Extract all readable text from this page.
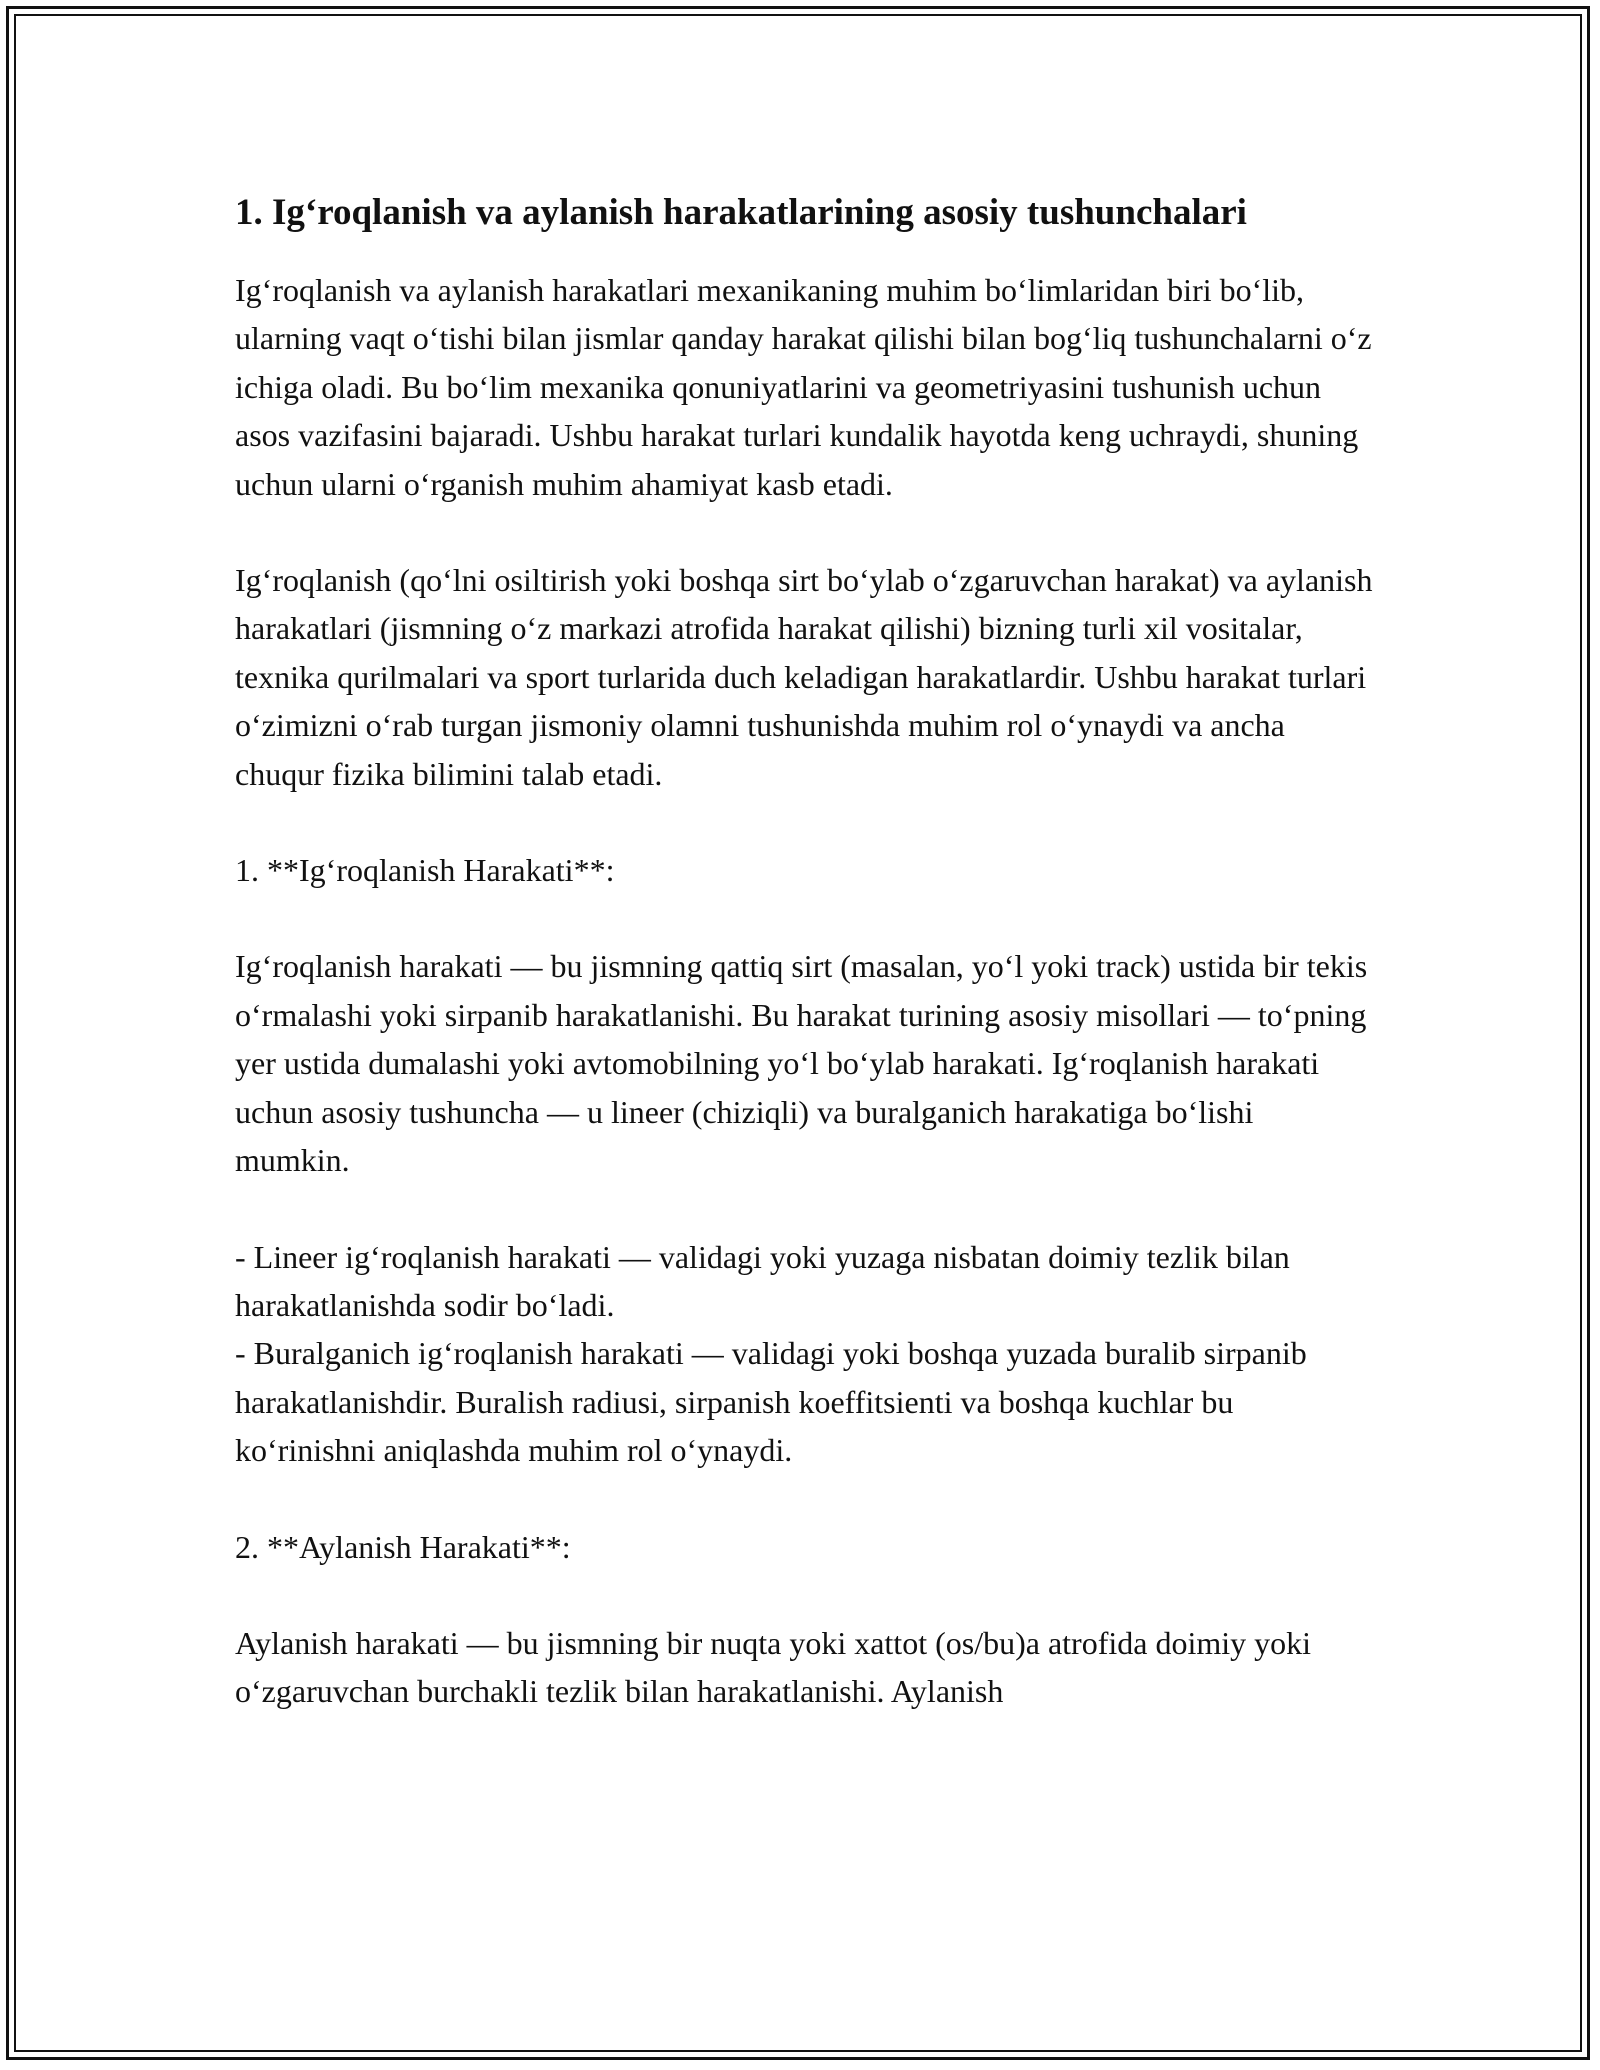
1. Ig‘roqlanish va aylanish harakatlarining asosiy tushunchalari

Ig‘roqlanish va aylanish harakatlari mexanikaning muhim bo‘limlaridan biri bo‘lib, ularning vaqt o‘tishi bilan jismlar qanday harakat qilishi bilan bog‘liq tushunchalarni o‘z ichiga oladi. Bu bo‘lim mexanika qonuniyatlarini va geometriyasini tushunish uchun asos vazifasini bajaradi. Ushbu harakat turlari kundalik hayotda keng uchraydi, shuning uchun ularni o‘rganish muhim ahamiyat kasb etadi.

Ig‘roqlanish (qo‘lni osiltirish yoki boshqa sirt bo‘ylab o‘zgaruvchan harakat) va aylanish harakatlari (jismning o‘z markazi atrofida harakat qilishi) bizning turli xil vositalar, texnika qurilmalari va sport turlarida duch keladigan harakatlardir. Ushbu harakat turlari o‘zimizni o‘rab turgan jismoniy olamni tushunishda muhim rol o‘ynaydi va ancha chuqur fizika bilimini talab etadi.

1. **Ig‘roqlanish Harakati**:

Ig‘roqlanish harakati — bu jismning qattiq sirt (masalan, yo‘l yoki track) ustida bir tekis o‘rmalashi yoki sirpanib harakatlanishi. Bu harakat turining asosiy misollari — to‘pning yer ustida dumalashi yoki avtomobilning yo‘l bo‘ylab harakati. Ig‘roqlanish harakati uchun asosiy tushuncha — u lineer (chiziqli) va buralganich harakatiga bo‘lishi mumkin.

- Lineer ig‘roqlanish harakati — validagi yoki yuzaga nisbatan doimiy tezlik bilan harakatlanishda sodir bo‘ladi.
- Buralganich ig‘roqlanish harakati — validagi yoki boshqa yuzada buralib sirpanib harakatlanishdir. Buralish radiusi, sirpanish koeffitsienti va boshqa kuchlar bu ko‘rinishni aniqlashda muhim rol o‘ynaydi.

2. **Aylanish Harakati**:

Aylanish harakati — bu jismning bir nuqta yoki xattot (os/bu)a atrofida doimiy yoki o‘zgaruvchan burchakli tezlik bilan harakatlanishi. Aylanish
